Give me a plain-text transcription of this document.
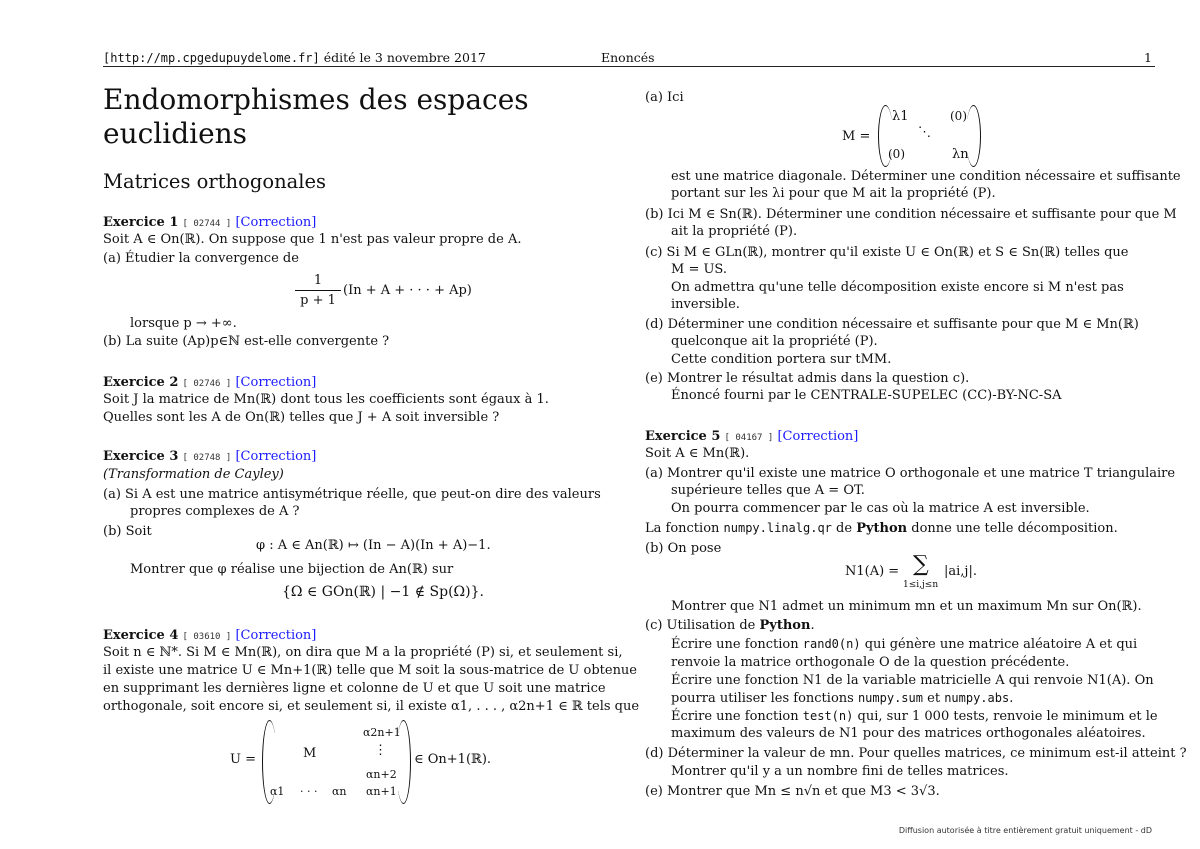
[http://mp.cpgedupuydelome.fr] édité le 3 novembre 2017	Enoncés	1
Endomorphismes des espaces
euclidiens
Matrices orthogonales
Exercice 1 [ 02744 ] [Correction]
Soit A ∈ On(ℝ). On suppose que 1 n'est pas valeur propre de A.
(a) Étudier la convergence de
1
p + 1
(In + A + · · · + Ap)
lorsque p → +∞.
(b) La suite (Ap)p∈ℕ est-elle convergente ?
Exercice 2 [ 02746 ] [Correction]
Soit J la matrice de Mn(ℝ) dont tous les coefficients sont égaux à 1.
Quelles sont les A de On(ℝ) telles que J + A soit inversible ?
Exercice 3 [ 02748 ] [Correction]
(Transformation de Cayley)
(a) Si A est une matrice antisymétrique réelle, que peut-on dire des valeurs
propres complexes de A ?
(b) Soit
φ : A ∈ An(ℝ) ↦ (In − A)(In + A)−1.
Montrer que φ réalise une bijection de An(ℝ) sur
{Ω ∈ GOn(ℝ) | −1 ∉ Sp(Ω)}.
Exercice 4 [ 03610 ] [Correction]
Soit n ∈ ℕ*. Si M ∈ Mn(ℝ), on dira que M a la propriété (P) si, et seulement si,
il existe une matrice U ∈ Mn+1(ℝ) telle que M soit la sous-matrice de U obtenue
en supprimant les dernières ligne et colonne de U et que U soit une matrice
orthogonale, soit encore si, et seulement si, il existe α1, . . . , α2n+1 ∈ ℝ tels que
U =
α2n+1
M	⋮
αn+2
α1 · · · αn αn+1
∈ On+1(ℝ).
(a) Ici
M =
λ1	(0)
⋱
(0)	λn
est une matrice diagonale. Déterminer une condition nécessaire et suffisante
portant sur les λi pour que M ait la propriété (P).
(b) Ici M ∈ Sn(ℝ). Déterminer une condition nécessaire et suffisante pour que M
ait la propriété (P).
(c) Si M ∈ GLn(ℝ), montrer qu'il existe U ∈ On(ℝ) et S ∈ Sn(ℝ) telles que
M = US.
On admettra qu'une telle décomposition existe encore si M n'est pas
inversible.
(d) Déterminer une condition nécessaire et suffisante pour que M ∈ Mn(ℝ)
quelconque ait la propriété (P).
Cette condition portera sur tMM.
(e) Montrer le résultat admis dans la question c).
Énoncé fourni par le CENTRALE-SUPELEC (CC)-BY-NC-SA
Exercice 5 [ 04167 ] [Correction]
Soit A ∈ Mn(ℝ).
(a) Montrer qu'il existe une matrice O orthogonale et une matrice T triangulaire
supérieure telles que A = OT.
On pourra commencer par le cas où la matrice A est inversible.
La fonction numpy.linalg.qr de Python donne une telle décomposition.
(b) On pose
N1(A) = ∑
1≤i,j≤n
|ai,j|.
Montrer que N1 admet un minimum mn et un maximum Mn sur On(ℝ).
(c) Utilisation de Python.
Écrire une fonction rand0(n) qui génère une matrice aléatoire A et qui
renvoie la matrice orthogonale O de la question précédente.
Écrire une fonction N1 de la variable matricielle A qui renvoie N1(A). On
pourra utiliser les fonctions numpy.sum et numpy.abs.
Écrire une fonction test(n) qui, sur 1 000 tests, renvoie le minimum et le
maximum des valeurs de N1 pour des matrices orthogonales aléatoires.
(d) Déterminer la valeur de mn. Pour quelles matrices, ce minimum est-il atteint ?
Montrer qu'il y a un nombre fini de telles matrices.
(e) Montrer que Mn ≤ n√n et que M3 < 3√3.
Diffusion autorisée à titre entièrement gratuit uniquement - dD
